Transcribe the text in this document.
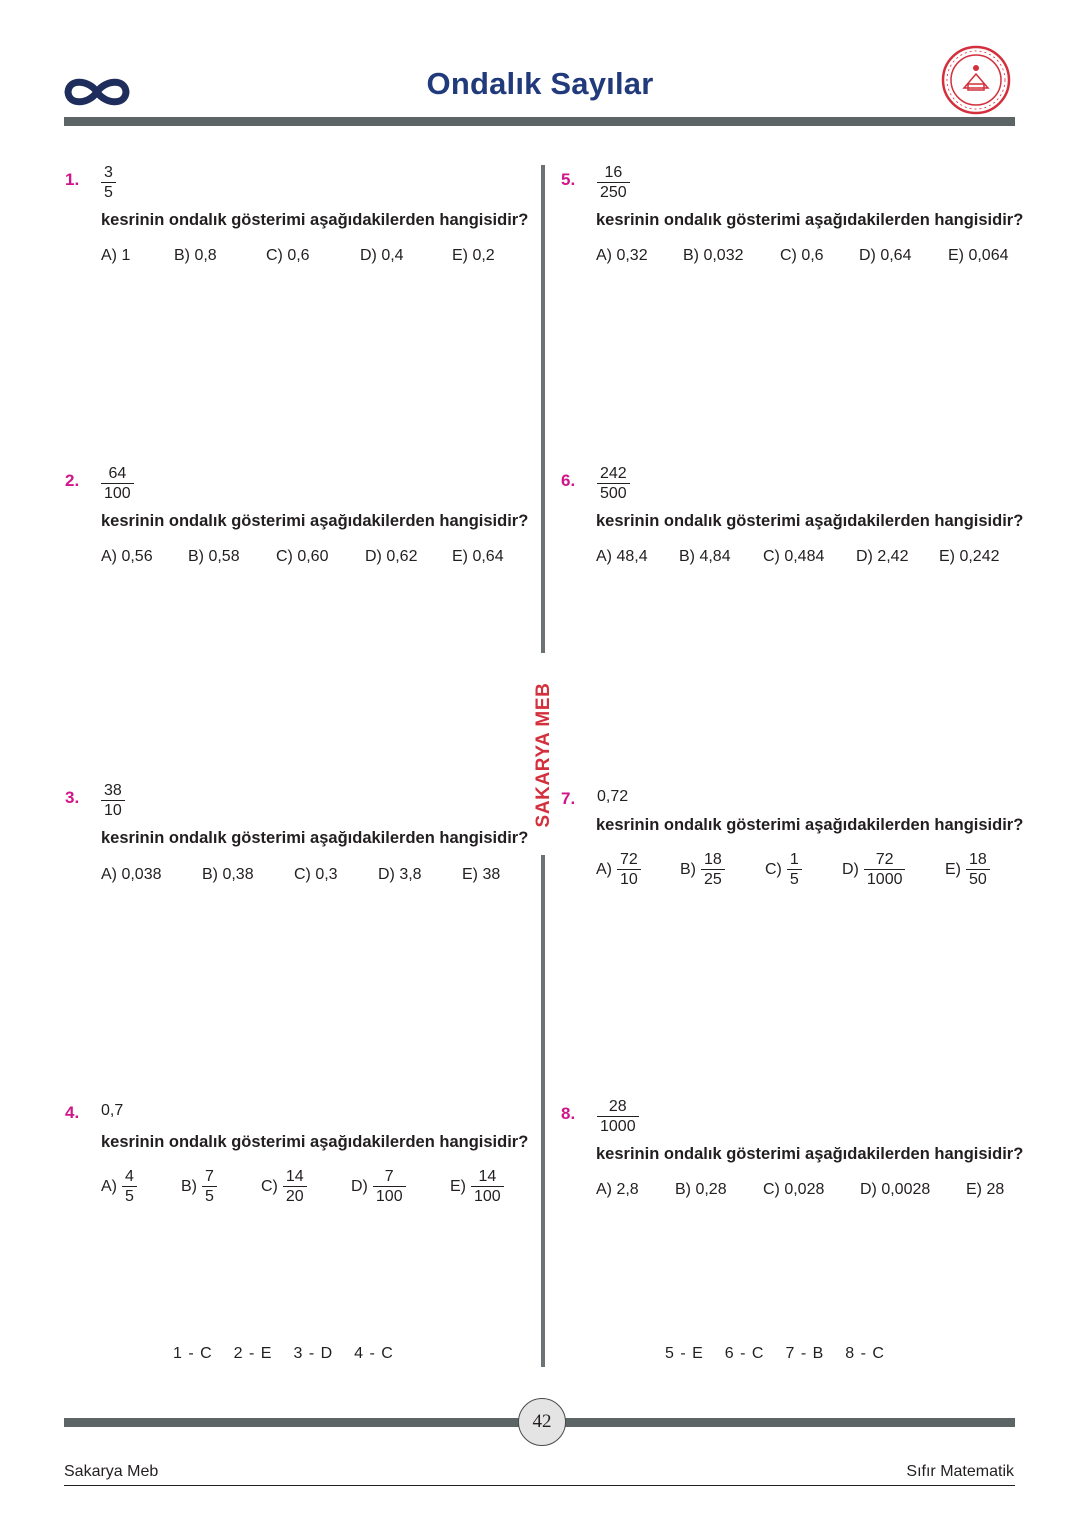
Ondalık Sayılar
SAKARYA MEB
1. $\frac{3}{5}$
kesrinin ondalık gösterimi aşağıdakilerden hangisidir?
A) 1	B) 0,8	C) 0,6	D) 0,4	E) 0,2
2. $\frac{64}{100}$
kesrinin ondalık gösterimi aşağıdakilerden hangisidir?
A) 0,56 B) 0,58 C) 0,60 D) 0,62 E) 0,64
3. $\frac{38}{10}$
kesrinin ondalık gösterimi aşağıdakilerden hangisidir?
A) 0,038	B) 0,38	C) 0,3	D) 3,8	E) 38
4. 0,7
kesrinin ondalık gösterimi aşağıdakilerden hangisidir?
$A) \frac{4}{5}$	$B) \frac{7}{5}$	$C) \frac{14}{20}$	$D) \frac{7}{100}$	$E) \frac{14}{100}$
5. $\frac{16}{250}$
kesrinin ondalık gösterimi aşağıdakilerden hangisidir?
A) 0,32 B) 0,032 C) 0,6 D) 0,64 E) 0,064
6. $\frac{242}{500}$
kesrinin ondalık gösterimi aşağıdakilerden hangisidir?
A) 48,4 B) 4,84 C) 0,484 D) 2,42 E) 0,242
7. 0,72
kesrinin ondalık gösterimi aşağıdakilerden hangisidir?
$A) \frac{72}{10} B) \frac{18}{25}$	$C) \frac{1}{5}$	$D) \frac{72}{1000} E) \frac{18}{50}$
8. $\frac{28}{1000}$
kesrinin ondalık gösterimi aşağıdakilerden hangisidir?
A) 2,8 B) 0,28 C) 0,028 D) 0,0028 E) 28
1 - C 2 - E 3 - D 4 - C	5 - E 6 - C 7 - B 8 - C
42
Sakarya Meb	Sıfır Matematik
